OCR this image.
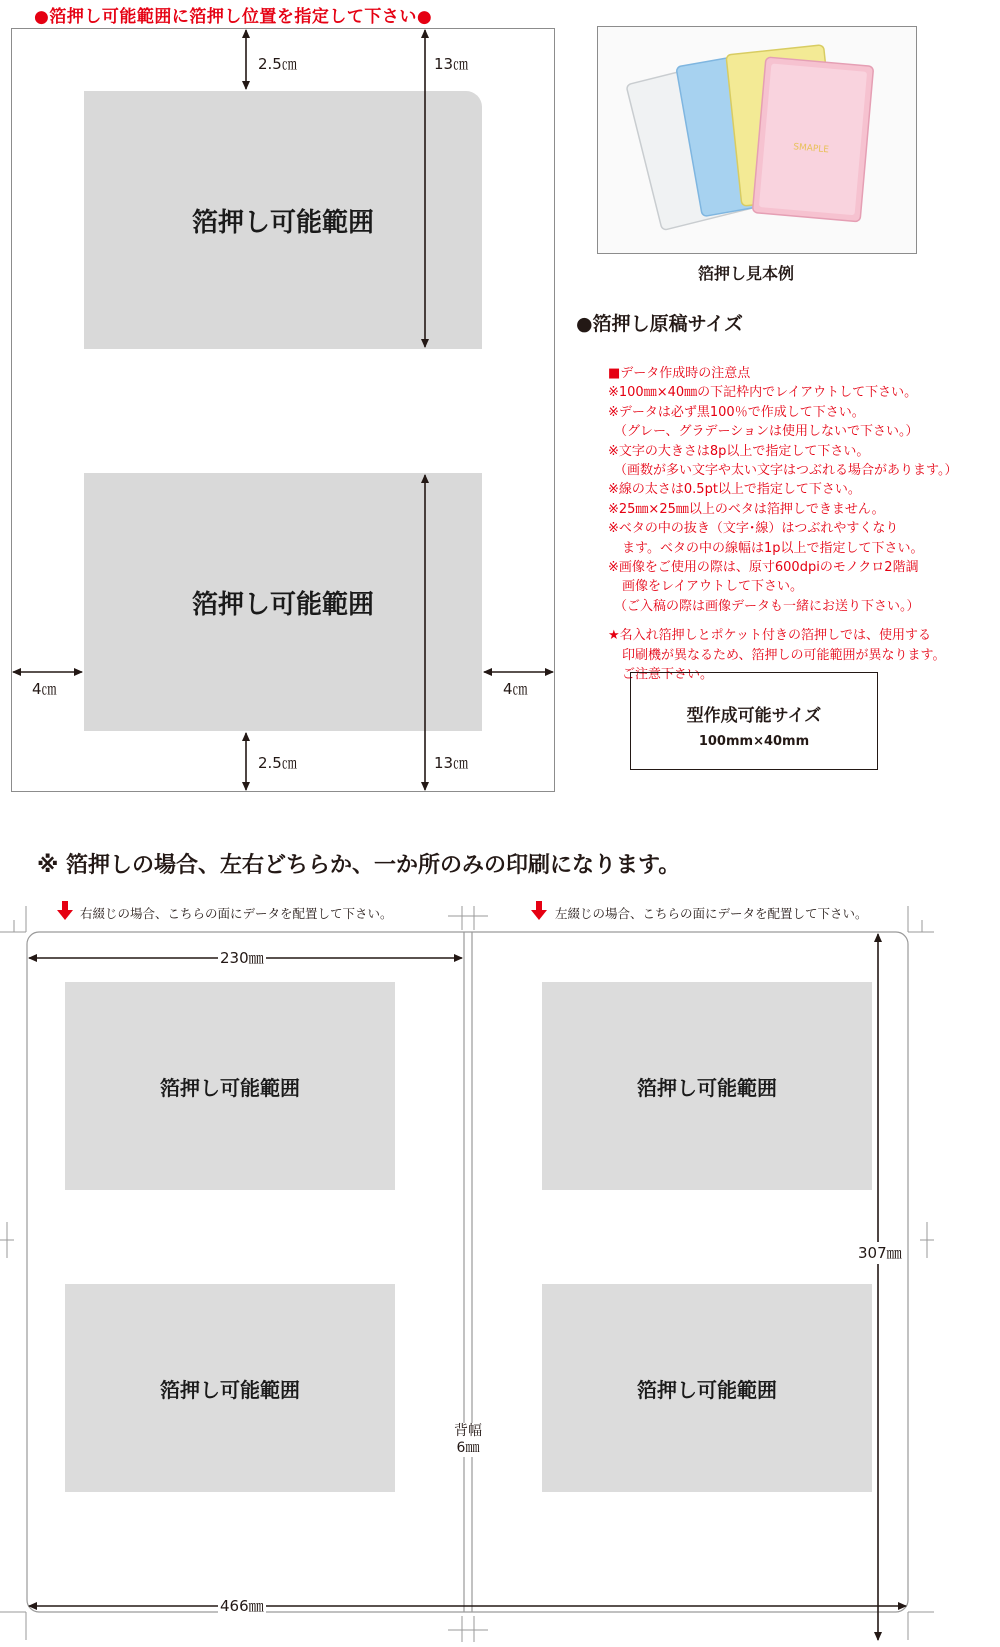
●箔押し可能範囲に箔押し位置を指定して下さい●
箔押し可能範囲
箔押し可能範囲
2.5㎝	13㎝
4㎝	4㎝
2.5㎝	13㎝
SMAPLE
箔押し見本例
●箔押し原稿サイズ
■データ作成時の注意点
※100㎜×40㎜の下記枠内でレイアウトして下さい。
※データは必ず黒100％で作成して下さい。
（グレー、グラデーションは使用しないで下さい。）
※文字の大きさは8p以上で指定して下さい。
（画数が多い文字や太い文字はつぶれる場合があります。）
※線の太さは0.5pt以上で指定して下さい。
※25㎜×25㎜以上のベタは箔押しできません。
※ベタの中の抜き（文字･線）はつぶれやすくなり
ます。ベタの中の線幅は1p以上で指定して下さい。
※画像をご使用の際は、原寸600dpiのモノクロ2階調
画像をレイアウトして下さい。
（ご入稿の際は画像データも一緒にお送り下さい。）
★名入れ箔押しとポケット付きの箔押しでは、使用する
印刷機が異なるため、箔押しの可能範囲が異なります。
ご注意下さい。
型作成可能サイズ
100mm×40mm
※ 箔押しの場合、左右どちらか、一か所のみの印刷になります。
右綴じの場合、こちらの面にデータを配置して下さい。	左綴じの場合、こちらの面にデータを配置して下さい。
230㎜
466㎜
307㎜
背幅
6㎜
箔押し可能範囲
箔押し可能範囲
箔押し可能範囲
箔押し可能範囲
